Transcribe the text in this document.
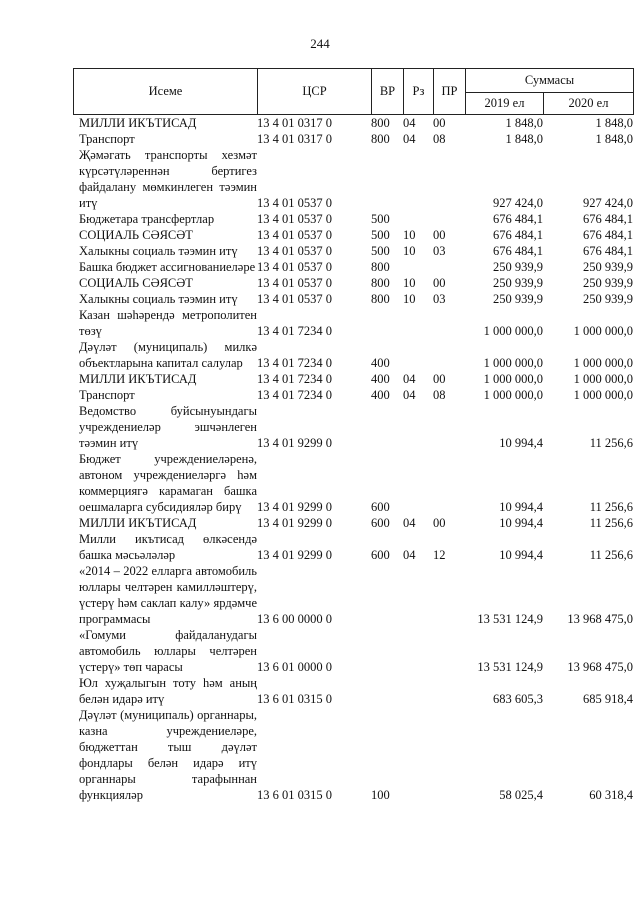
244
Исеме	ЦСР	ВР	Рз	ПР	Суммасы	
					2019 ел	2020 ел
МИЛЛИ ИКЪТИСАД	13 4 01 0317 0	800	04	00	1 848,0	1 848,0
Транспорт	13 4 01 0317 0	800	04	08	1 848,0	1 848,0
Җәмәгать транспорты хезмәт күрсәтүләреннән бертигез файдалану мөмкинлеген тәэмин итү	13 4 01 0537 0				927 424,0	927 424,0
Бюджетара трансфертлар	13 4 01 0537 0	500			676 484,1	676 484,1
СОЦИАЛЬ СӘЯСӘТ	13 4 01 0537 0	500	10	00	676 484,1	676 484,1
Халыкны социаль тәэмин итү	13 4 01 0537 0	500	10	03	676 484,1	676 484,1
Башка бюджет ассигнованиеләре	13 4 01 0537 0	800			250 939,9	250 939,9
СОЦИАЛЬ СӘЯСӘТ	13 4 01 0537 0	800	10	00	250 939,9	250 939,9
Халыкны социаль тәэмин итү	13 4 01 0537 0	800	10	03	250 939,9	250 939,9
Казан шәһәрендә метрополитен төзү	13 4 01 7234 0				1 000 000,0	1 000 000,0
Дәүләт (муниципаль) милкə объектларына капитал салулар	13 4 01 7234 0	400			1 000 000,0	1 000 000,0
МИЛЛИ ИКЪТИСАД	13 4 01 7234 0	400	04	00	1 000 000,0	1 000 000,0
Транспорт	13 4 01 7234 0	400	04	08	1 000 000,0	1 000 000,0
Ведомство буйсынуындагы учреждениеләр эшчәнлеген тәэмин итү	13 4 01 9299 0				10 994,4	11 256,6
Бюджет учреждениеләренә, автоном учреждениеләргә һәм коммерциягә карамаган башка оешмаларга субсидияләр бирү	13 4 01 9299 0	600			10 994,4	11 256,6
МИЛЛИ ИКЪТИСАД	13 4 01 9299 0	600	04	00	10 994,4	11 256,6
Милли икътисад өлкәсендә башка мәсьәләләр	13 4 01 9299 0	600	04	12	10 994,4	11 256,6
«2014 – 2022 елларга автомобиль юллары челтәрен камилләштерү, үстерү һәм саклап калу» ярдәмче программасы	13 6 00 0000 0				13 531 124,9	13 968 475,0
«Гомуми файдаланудагы автомобиль юллары челтәрен үстерү» төп чарасы	13 6 01 0000 0				13 531 124,9	13 968 475,0
Юл хуҗалыгын тоту һәм аның белән идарә итү	13 6 01 0315 0				683 605,3	685 918,4
Дәүләт (муниципаль) органнары, казна учреждениеләре, бюджеттан тыш дәүләт фондлары белән идарә итү органнары тарафыннан функцияләр	13 6 01 0315 0	100			58 025,4	60 318,4
